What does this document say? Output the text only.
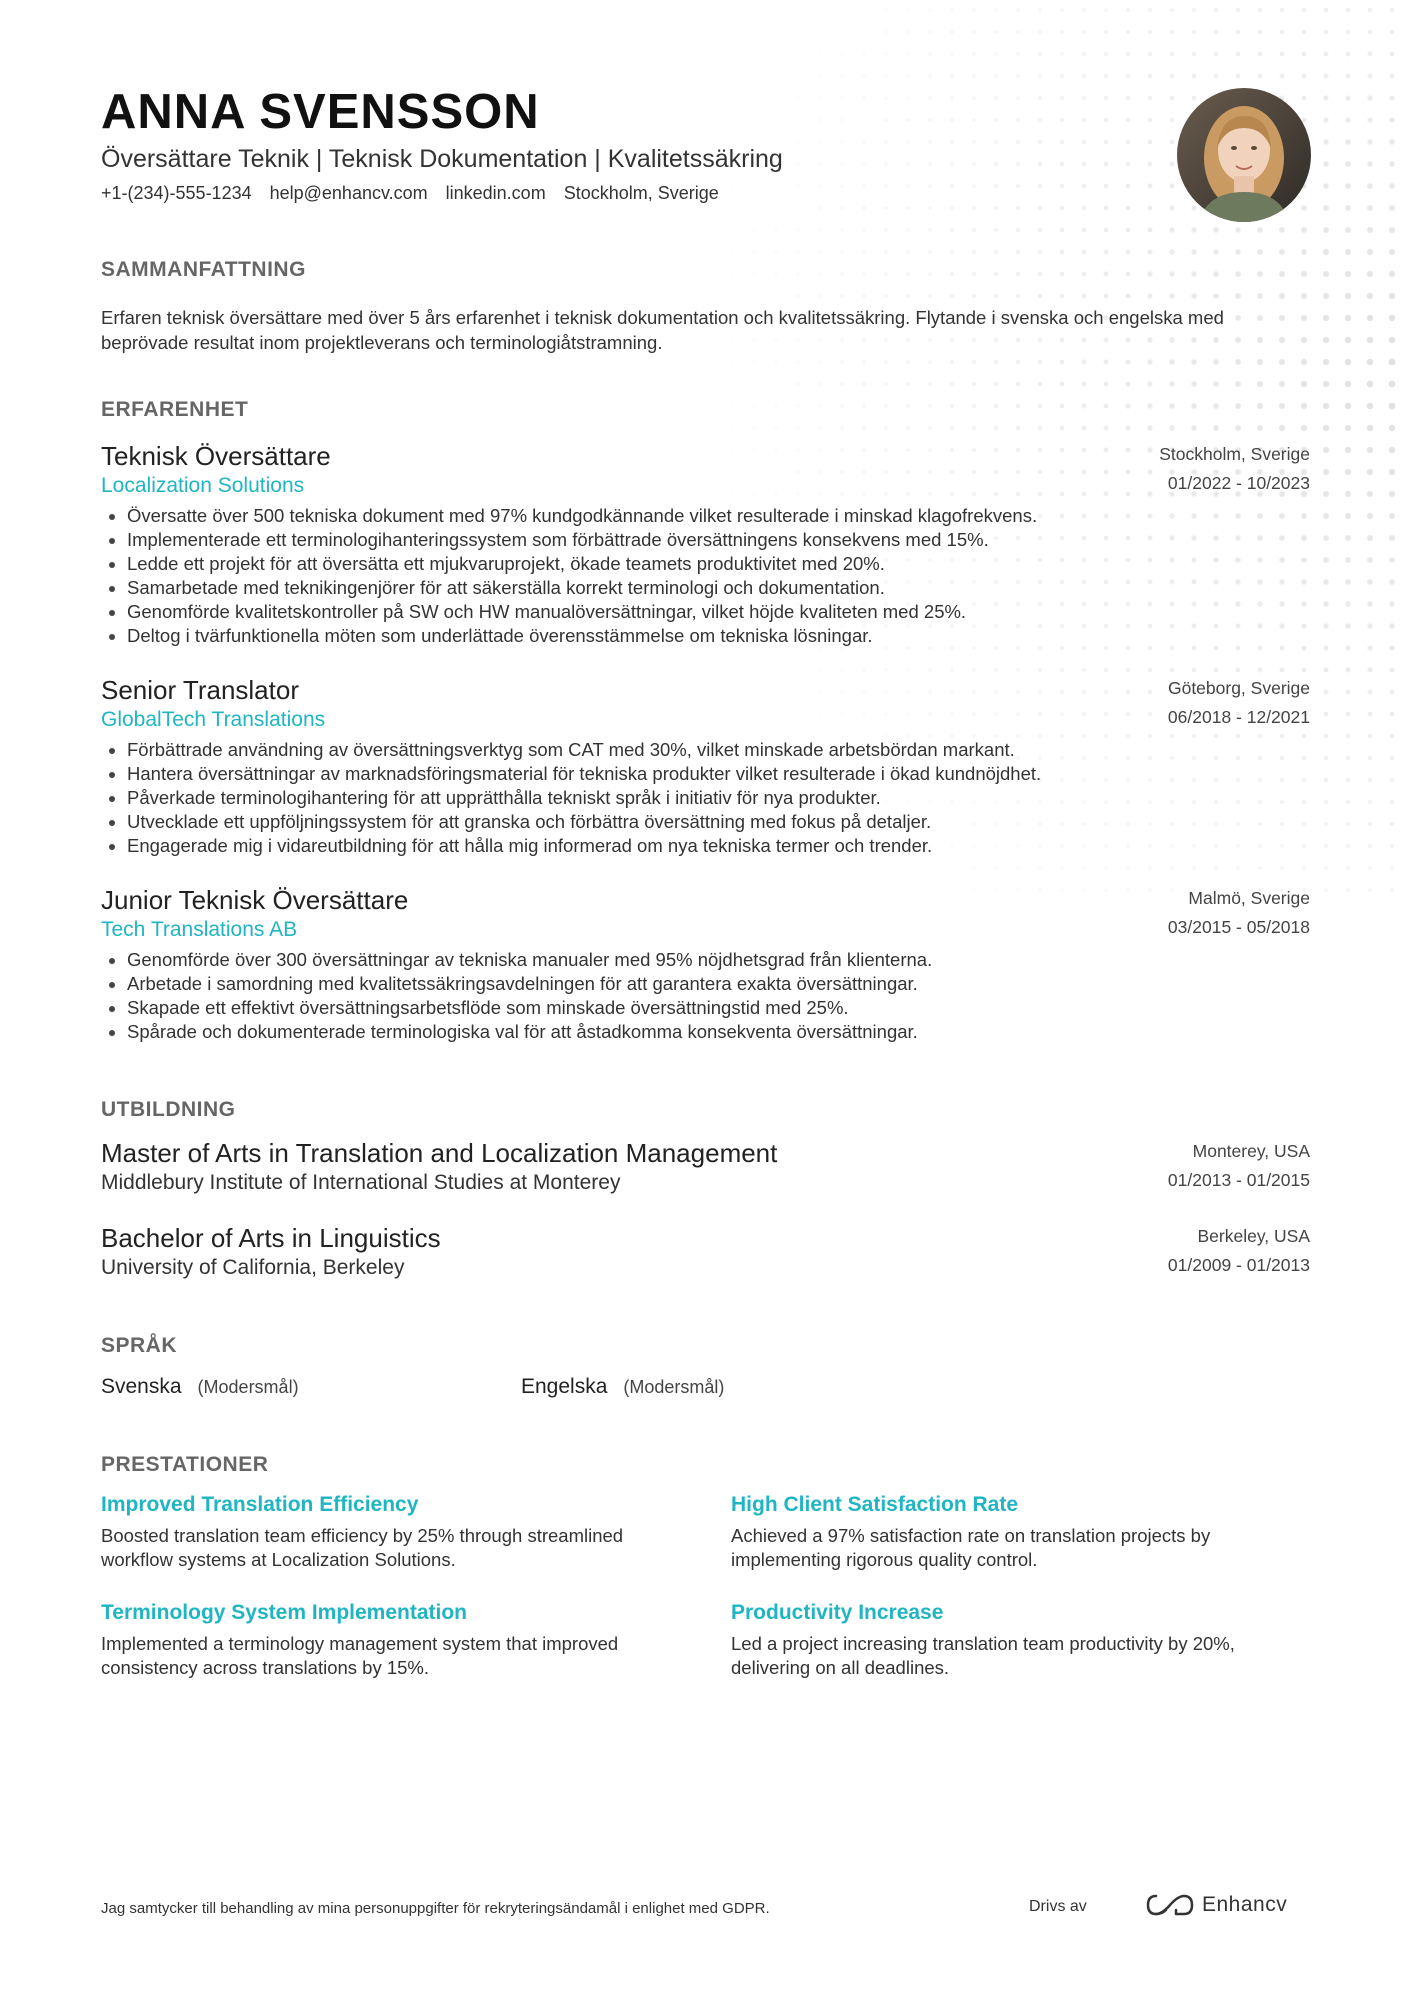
ANNA SVENSSON
Översättare Teknik | Teknisk Dokumentation | Kvalitetssäkring
+1-(234)-555-1234 help@enhancv.com linkedin.com Stockholm, Sverige
SAMMANFATTNING
Erfaren teknisk översättare med över 5 års erfarenhet i teknisk dokumentation och kvalitetssäkring. Flytande i svenska och engelska med beprövade resultat inom projektleverans och terminologiåtstramning.
ERFARENHET
Teknisk Översättare
Localization Solutions
Stockholm, Sverige
01/2022 - 10/2023
Översatte över 500 tekniska dokument med 97% kundgodkännande vilket resulterade i minskad klagofrekvens.
Implementerade ett terminologihanteringssystem som förbättrade översättningens konsekvens med 15%.
Ledde ett projekt för att översätta ett mjukvaruprojekt, ökade teamets produktivitet med 20%.
Samarbetade med teknikingenjörer för att säkerställa korrekt terminologi och dokumentation.
Genomförde kvalitetskontroller på SW och HW manualöversättningar, vilket höjde kvaliteten med 25%.
Deltog i tvärfunktionella möten som underlättade överensstämmelse om tekniska lösningar.
Senior Translator
GlobalTech Translations
Göteborg, Sverige
06/2018 - 12/2021
Förbättrade användning av översättningsverktyg som CAT med 30%, vilket minskade arbetsbördan markant.
Hantera översättningar av marknadsföringsmaterial för tekniska produkter vilket resulterade i ökad kundnöjdhet.
Påverkade terminologihantering för att upprätthålla tekniskt språk i initiativ för nya produkter.
Utvecklade ett uppföljningssystem för att granska och förbättra översättning med fokus på detaljer.
Engagerade mig i vidareutbildning för att hålla mig informerad om nya tekniska termer och trender.
Junior Teknisk Översättare
Tech Translations AB
Malmö, Sverige
03/2015 - 05/2018
Genomförde över 300 översättningar av tekniska manualer med 95% nöjdhetsgrad från klienterna.
Arbetade i samordning med kvalitetssäkringsavdelningen för att garantera exakta översättningar.
Skapade ett effektivt översättningsarbetsflöde som minskade översättningstid med 25%.
Spårade och dokumenterade terminologiska val för att åstadkomma konsekventa översättningar.
UTBILDNING
Master of Arts in Translation and Localization Management
Middlebury Institute of International Studies at Monterey
Monterey, USA
01/2013 - 01/2015
Bachelor of Arts in Linguistics
University of California, Berkeley
Berkeley, USA
01/2009 - 01/2013
SPRÅK
Svenska (Modersmål)	Engelska (Modersmål)
PRESTATIONER
Improved Translation Efficiency
Boosted translation team efficiency by 25% through streamlined workflow systems at Localization Solutions.
High Client Satisfaction Rate
Achieved a 97% satisfaction rate on translation projects by implementing rigorous quality control.
Terminology System Implementation
Implemented a terminology management system that improved consistency across translations by 15%.
Productivity Increase
Led a project increasing translation team productivity by 20%, delivering on all deadlines.
Jag samtycker till behandling av mina personuppgifter för rekryteringsändamål i enlighet med GDPR.	Drivs av	Enhancv
